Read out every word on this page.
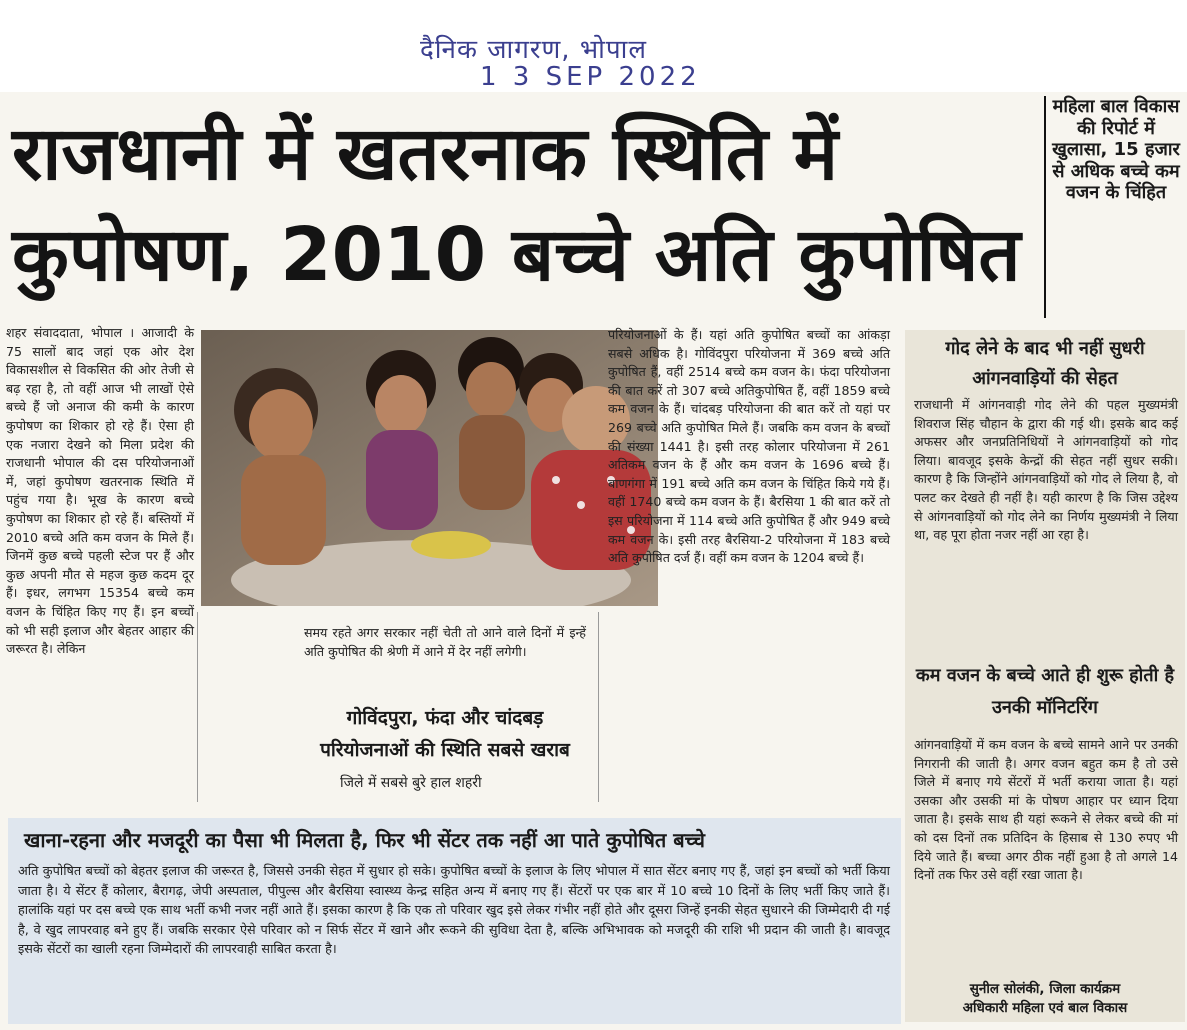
दैनिक जागरण, भोपाल
1 3 SEP 2022
राजधानी में खतरनाक स्थिति में
कुपोषण, 2010 बच्चे अति कुपोषित
महिला बाल विकास की रिपोर्ट में खुलासा, 15 हजार से अधिक बच्चे कम वजन के चिंहित
शहर संवाददाता, भोपाल । आजादी के 75 सालों बाद जहां एक ओर देश विकासशील से विकसित की ओर तेजी से बढ़ रहा है, तो वहीं आज भी लाखों ऐसे बच्चे हैं जो अनाज की कमी के कारण कुपोषण का शिकार हो रहे हैं। ऐसा ही एक नजारा देखने को मिला प्रदेश की राजधानी भोपाल की दस परियोजनाओं में, जहां कुपोषण खतरनाक स्थिति में पहुंच गया है। भूख के कारण बच्चे कुपोषण का शिकार हो रहे हैं। बस्तियों में 2010 बच्चे अति कम वजन के मिले हैं। जिनमें कुछ बच्चे पहली स्टेज पर हैं और कुछ अपनी मौत से महज कुछ कदम दूर हैं। इधर, लगभग 15354 बच्चे कम वजन के चिंहित किए गए हैं। इन बच्चों को भी सही इलाज और बेहतर आहार की जरूरत है। लेकिन
समय रहते अगर सरकार नहीं चेती तो आने वाले दिनों में इन्हें अति कुपोषित की श्रेणी में आने में देर नहीं लगेगी।
गोविंदपुरा, फंदा और चांदबड़ परियोजनाओं की स्थिति सबसे खराब
जिले में सबसे बुरे हाल शहरी
परियोजनाओं के हैं। यहां अति कुपोषित बच्चों का आंकड़ा सबसे अधिक है। गोविंदपुरा परियोजना में 369 बच्चे अति कुपोषित हैं, वहीं 2514 बच्चे कम वजन के। फंदा परियोजना की बात करें तो 307 बच्चे अतिकुपोषित हैं, वहीं 1859 बच्चे कम वजन के हैं। चांदबड़ परियोजना की बात करें तो यहां पर 269 बच्चे अति कुपोषित मिले हैं। जबकि कम वजन के बच्चों की संख्या 1441 है। इसी तरह कोलार परियोजना में 261 अतिकम वजन के हैं और कम वजन के 1696 बच्चे हैं। बाणगंगा में 191 बच्चे अति कम वजन के चिंहित किये गये हैं। वहीं 1740 बच्चे कम वजन के हैं। बैरसिया 1 की बात करें तो इस परियोजना में 114 बच्चे अति कुपोषित हैं और 949 बच्चे कम वजन के। इसी तरह बैरसिया-2 परियोजना में 183 बच्चे अति कुपोषित दर्ज हैं। वहीं कम वजन के 1204 बच्चे हैं।
गोद लेने के बाद भी नहीं सुधरी आंगनवाड़ियों की सेहत
राजधानी में आंगनवाड़ी गोद लेने की पहल मुख्यमंत्री शिवराज सिंह चौहान के द्वारा की गई थी। इसके बाद कई अफसर और जनप्रतिनिधियों ने आंगनवाड़ियों को गोद लिया। बावजूद इसके केन्द्रों की सेहत नहीं सुधर सकी। कारण है कि जिन्होंने आंगनवाड़ियों को गोद ले लिया है, वो पलट कर देखते ही नहीं है। यही कारण है कि जिस उद्देश्य से आंगनवाड़ियों को गोद लेने का निर्णय मुख्यमंत्री ने लिया था, वह पूरा होता नजर नहीं आ रहा है।
कम वजन के बच्चे आते ही शुरू होती है उनकी मॉनिटरिंग
आंगनवाड़ियों में कम वजन के बच्चे सामने आने पर उनकी निगरानी की जाती है। अगर वजन बहुत कम है तो उसे जिले में बनाए गये सेंटरों में भर्ती कराया जाता है। यहां उसका और उसकी मां के पोषण आहार पर ध्यान दिया जाता है। इसके साथ ही यहां रूकने से लेकर बच्चे की मां को दस दिनों तक प्रतिदिन के हिसाब से 130 रुपए भी दिये जाते हैं। बच्चा अगर ठीक नहीं हुआ है तो अगले 14 दिनों तक फिर उसे वहीं रखा जाता है।
सुनील सोलंकी, जिला कार्यक्रम
अधिकारी महिला एवं बाल विकास
खाना-रहना और मजदूरी का पैसा भी मिलता है, फिर भी सेंटर तक नहीं आ पाते कुपोषित बच्चे
अति कुपोषित बच्चों को बेहतर इलाज की जरूरत है, जिससे उनकी सेहत में सुधार हो सके। कुपोषित बच्चों के इलाज के लिए भोपाल में सात सेंटर बनाए गए हैं, जहां इन बच्चों को भर्ती किया जाता है। ये सेंटर हैं कोलार, बैरागढ़, जेपी अस्पताल, पीपुल्स और बैरसिया स्वास्थ्य केन्द्र सहित अन्य में बनाए गए हैं। सेंटरों पर एक बार में 10 बच्चे 10 दिनों के लिए भर्ती किए जाते हैं। हालांकि यहां पर दस बच्चे एक साथ भर्ती कभी नजर नहीं आते हैं। इसका कारण है कि एक तो परिवार खुद इसे लेकर गंभीर नहीं होते और दूसरा जिन्हें इनकी सेहत सुधारने की जिम्मेदारी दी गई है, वे खुद लापरवाह बने हुए हैं। जबकि सरकार ऐसे परिवार को न सिर्फ सेंटर में खाने और रूकने की सुविधा देता है, बल्कि अभिभावक को मजदूरी की राशि भी प्रदान की जाती है। बावजूद इसके सेंटरों का खाली रहना जिम्मेदारों की लापरवाही साबित करता है।
